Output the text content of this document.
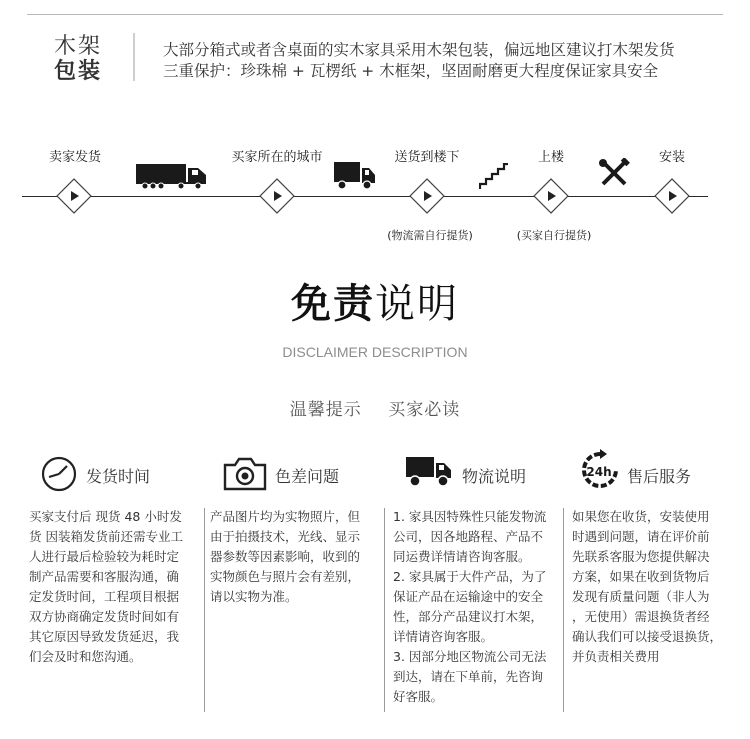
木架
包装
大部分箱式或者含桌面的实木家具采用木架包装，偏远地区建议打木架发货
三重保护：珍珠棉 + 瓦楞纸 + 木框架，坚固耐磨更大程度保证家具安全
卖家发货	买家所在的城市	送货到楼下	上楼	安装
(物流需自行提货)	(买家自行提货)
免责说明
DISCLAIMER DESCRIPTION
温馨提示 买家必读
发货时间	色差问题	物流说明	24h 售后服务

买家支付后 现货 48 小时发

货 因装箱发货前还需专业工

人进行最后检验较为耗时定

制产品需要和客服沟通，确

定发货时间，工程项目根据

双方协商确定发货时间如有

其它原因导致发货延迟，我

们会及时和您沟通。

产品图片均为实物照片，但

由于拍摄技术，光线、显示

器参数等因素影响，收到的

实物颜色与照片会有差别，

请以实物为准。

1. 家具因特殊性只能发物流

公司，因各地路程、产品不

同运费详情请咨询客服。

2. 家具属于大件产品，为了

保证产品在运输途中的安全

性，部分产品建议打木架，

详情请咨询客服。

3. 因部分地区物流公司无法

到达，请在下单前，先咨询

好客服。

如果您在收货，安装使用

时遇到问题，请在评价前

先联系客服为您提供解决

方案，如果在收到货物后

发现有质量问题（非人为

，无使用）需退换货者经

确认我们可以接受退换货，

并负责相关费用
